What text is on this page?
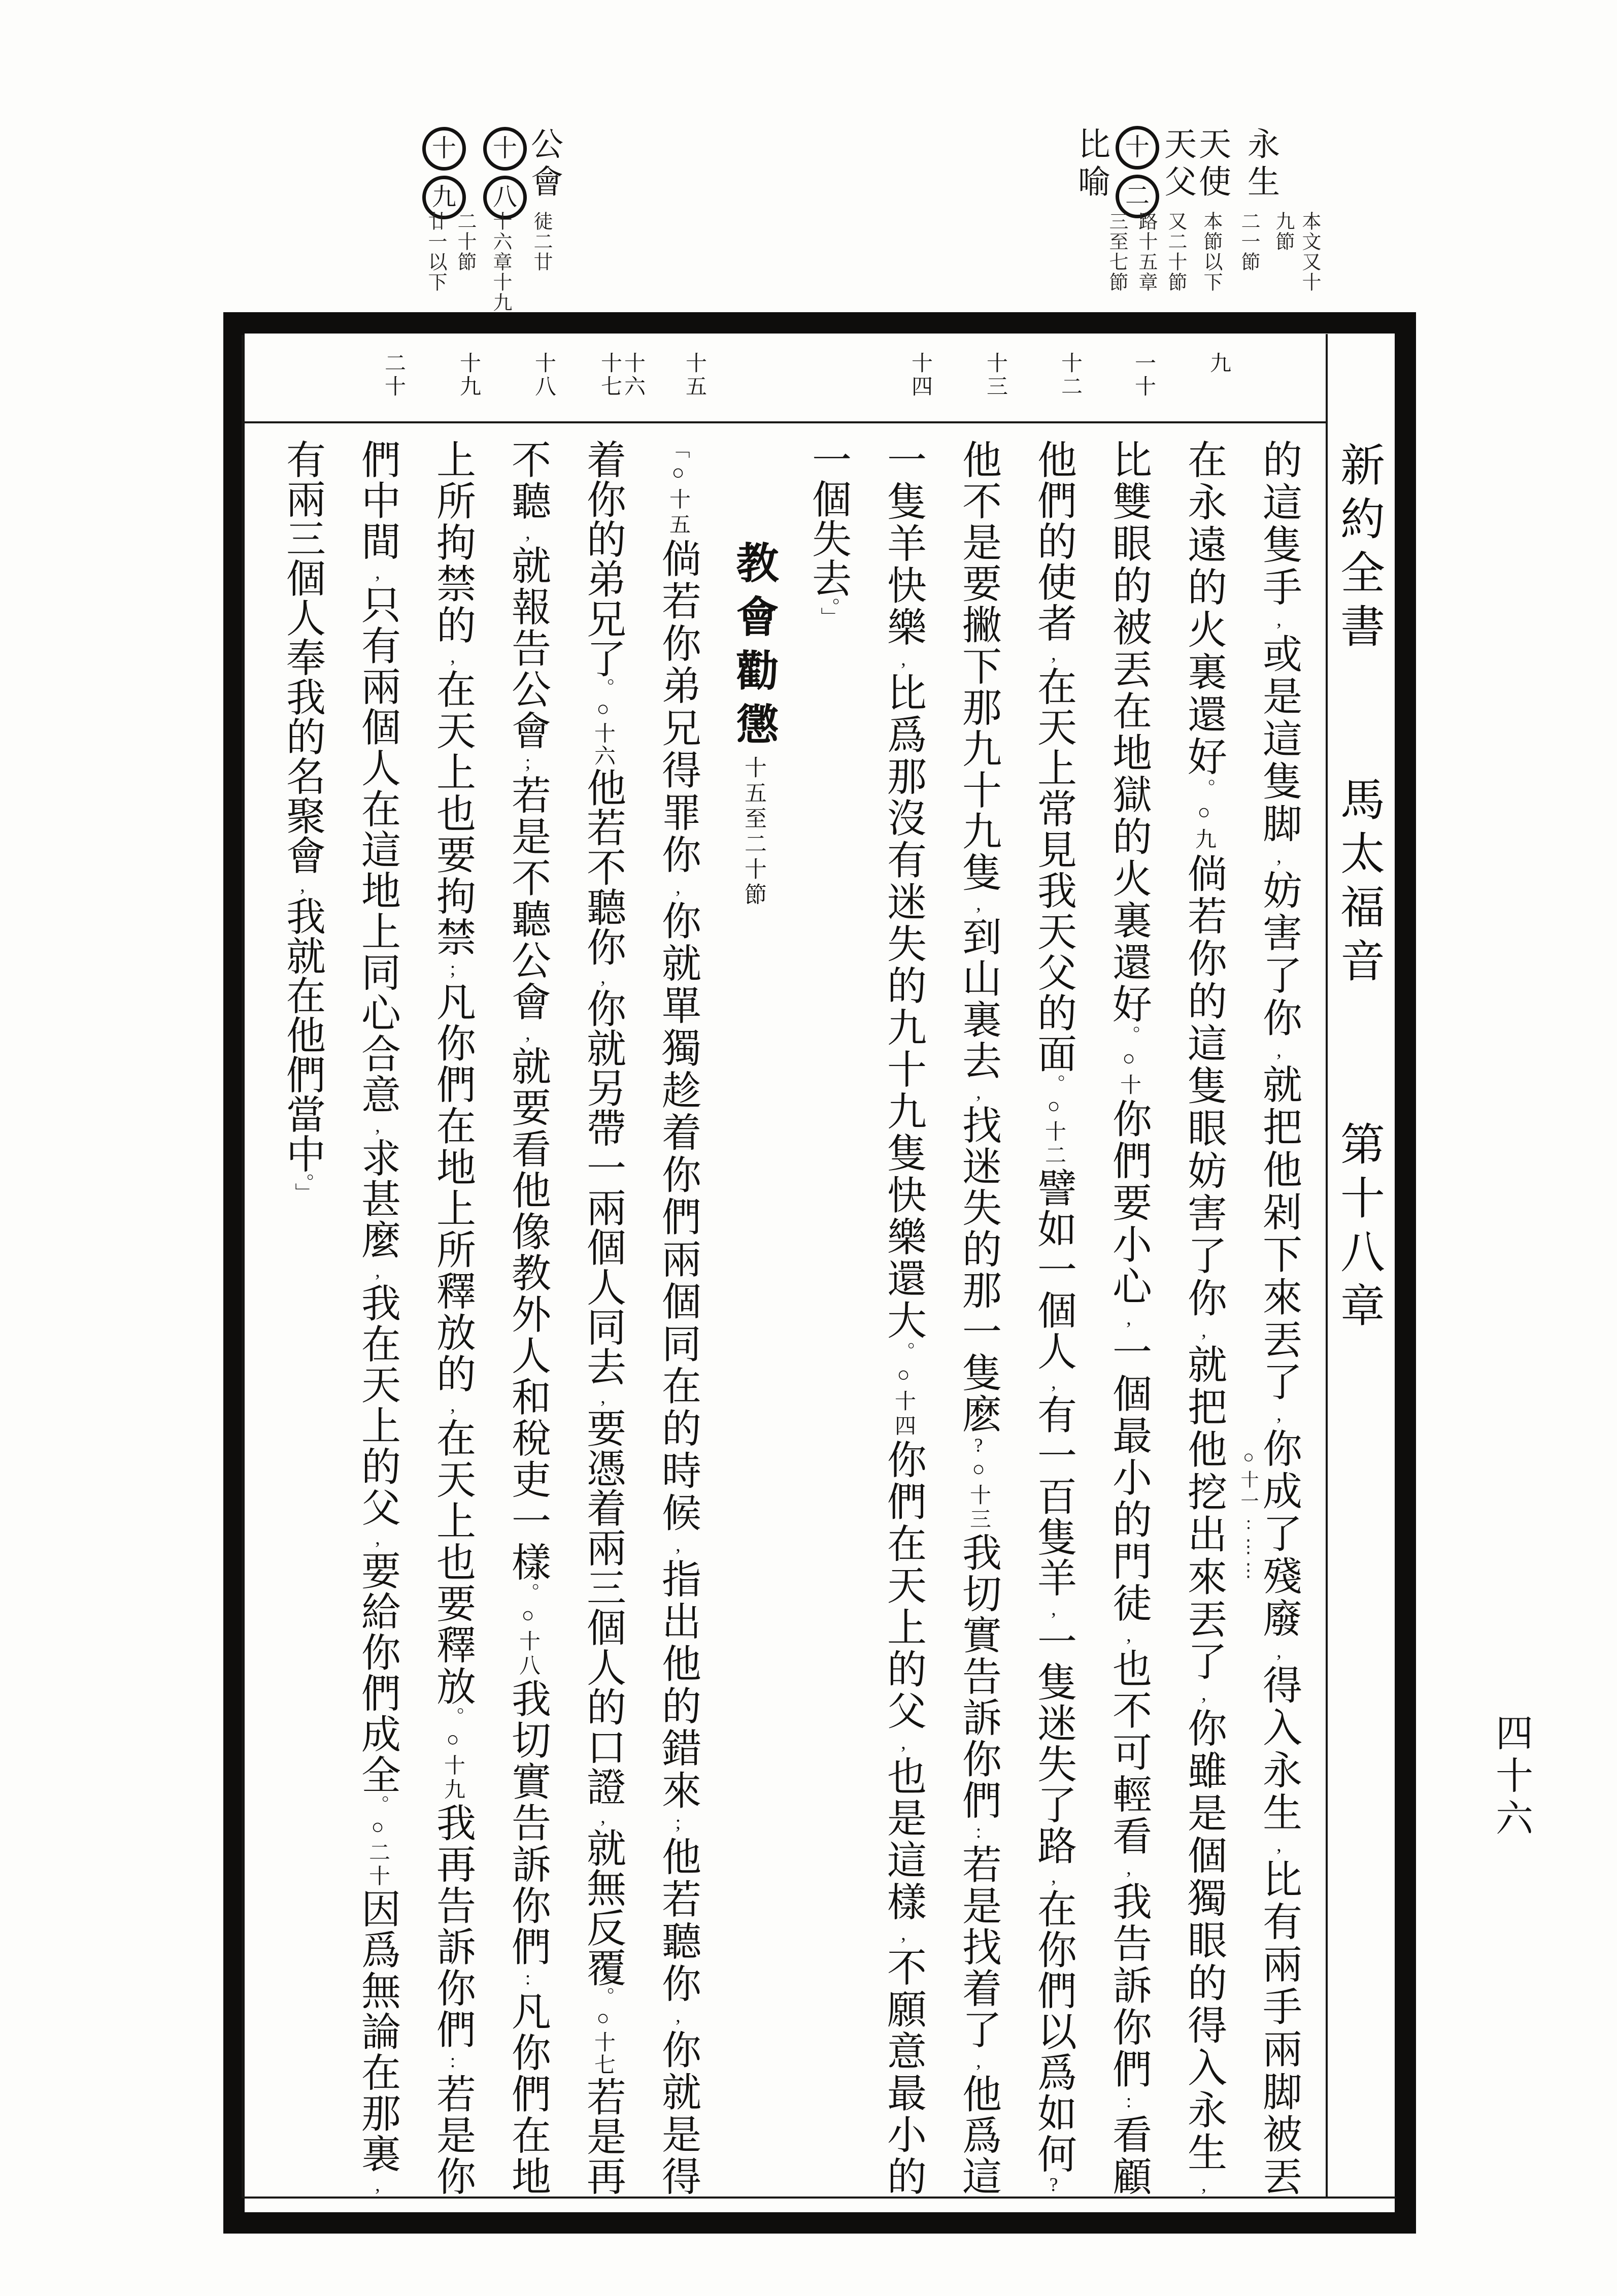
永生
天使
天父
十
二
比喻
本文又十
九節
二一節
本節以下
又二十節
路十五章
三至七節
公會
十
八
十
九
徒二廿
十六章十九節
二十節
廿一以下
九
一十
十二
十三
十四
十五
十六
十七
十八
十九
二十
的這隻手,或是這隻脚,妨害了你,就把他剁下來丟了,你成了殘廢,得入永生,比有兩手兩脚被丟
在永遠的火裏還好。○九倘若你的這隻眼妨害了你,就把他挖出來丟了,你雖是個獨眼的得入永生,
比雙眼的被丟在地獄的火裏還好。○十你們要小心,一個最小的門徒,也不可輕看,我告訴你們:看顧
他們的使者,在天上常見我天父的面。○十二譬如一個人,有一百隻羊,一隻迷失了路,在你們以爲如何?
他不是要撇下那九十九隻,到山裏去,找迷失的那一隻麽?○十三我切實告訴你們:若是找着了,他爲這
一隻羊快樂,比爲那沒有迷失的九十九隻快樂還大。○十四你們在天上的父,也是這樣,不願意最小的
一個失去。」
教會勸懲十五至二十節
「○十五倘若你弟兄得罪你,你就單獨趁着你們兩個同在的時候,指出他的錯來;他若聽你,你就是得
着你的弟兄了。○十六他若不聽你,你就另帶一兩個人同去,要憑着兩三個人的口證,就無反覆。○十七若是再
不聽,就報告公會;若是不聽公會,就要看他像教外人和稅吏一樣。○十八我切實告訴你們:凡你們在地
上所拘禁的,在天上也要拘禁;凡你們在地上所釋放的,在天上也要釋放。○十九我再告訴你們:若是你
們中間,只有兩個人在這地上同心合意,求甚麼,我在天上的父,要給你們成全。○二十因爲無論在那裏,
有兩三個人奉我的名聚會,我就在他們當中。」
○十一:⋮⋮
新約全書馬太福音第十八章
四十六
